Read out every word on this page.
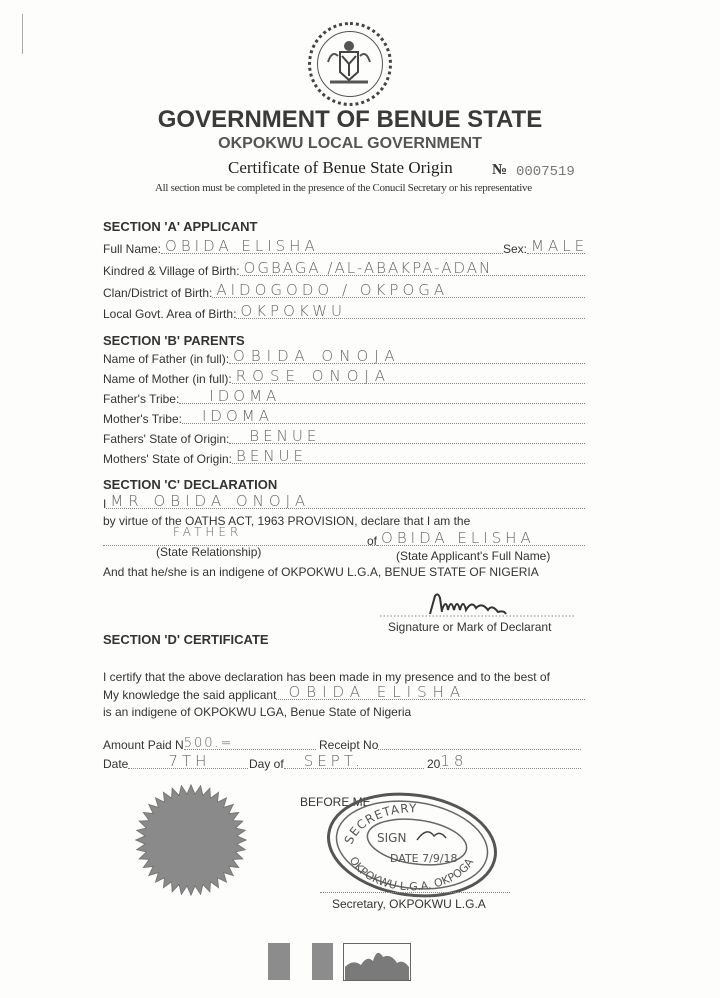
GOVERNMENT OF BENUE STATE
OKPOKWU LOCAL GOVERNMENT
Certificate of Benue State Origin	№ 0007519
All section must be completed in the presence of the Conucil Secretary or his representative
SECTION 'A' APPLICANT
Full Name: OBIDA ELISHA	Sex: MALE
Kindred & Village of Birth: OGBAGA /AL-ABAKPA-ADAN
Clan/District of Birth: AIDOGODO / OKPOGA
Local Govt. Area of Birth: OKPOKWU
SECTION 'B' PARENTS
Name of Father (in full): OBIDA ONOJA
Name of Mother (in full): ROSE ONOJA
Father's Tribe: IDOMA
Mother's Tribe: IDOMA
Fathers' State of Origin: BENUE
Mothers' State of Origin: BENUE
SECTION 'C' DECLARATION
I MR OBIDA ONOJA
by virtue of the OATHS ACT, 1963 PROVISION, declare that I am the
FATHER
of OBIDA ELISHA
(State Relationship)	(State Applicant's Full Name)
And that he/she is an indigene of OKPOKWU L.G.A, BENUE STATE OF NIGERIA
Signature or Mark of Declarant
SECTION 'D' CERTIFICATE
I certify that the above declaration has been made in my presence and to the best of
My knowledge the said applicant OBIDA ELISHA
is an indigene of OKPOKWU LGA, Benue State of Nigeria
Amount Paid N 500.=	Receipt No
Date	7TH	Day of SEPT.	20 18
BEFORE ME
SECRETARY
SIGN
DATE 7/9/18
OKPOKWU L.G.A. OKPOGA
Secretary, OKPOKWU L.G.A
